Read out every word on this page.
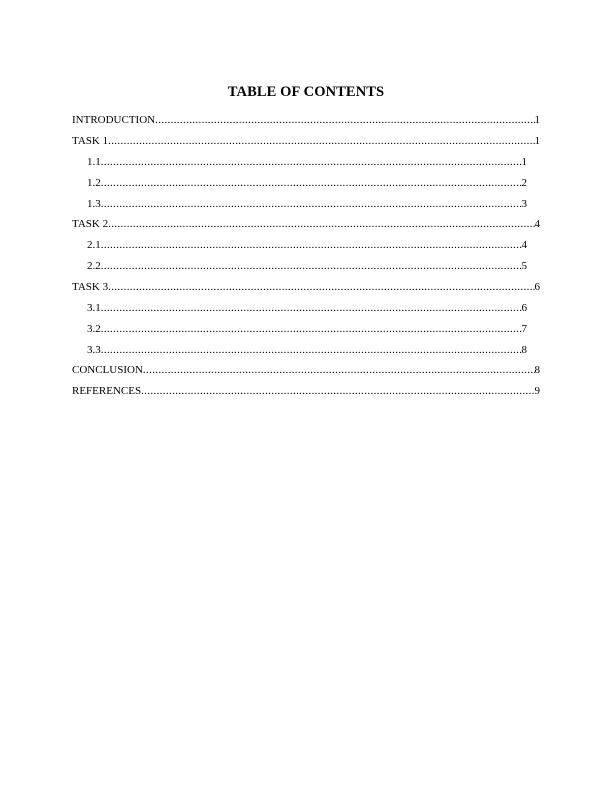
TABLE OF CONTENTS
INTRODUCTION .....	1
TASK 1 .....	1
1.1 .....	1
1.2 .....	2
1.3 .....	3
TASK 2 .....	4
2.1 .....	4
2.2 .....	5
TASK 3 .....	6
3.1 .....	6
3.2 .....	7
3.3 .....	8
CONCLUSION .....	8
REFERENCES .....	9
